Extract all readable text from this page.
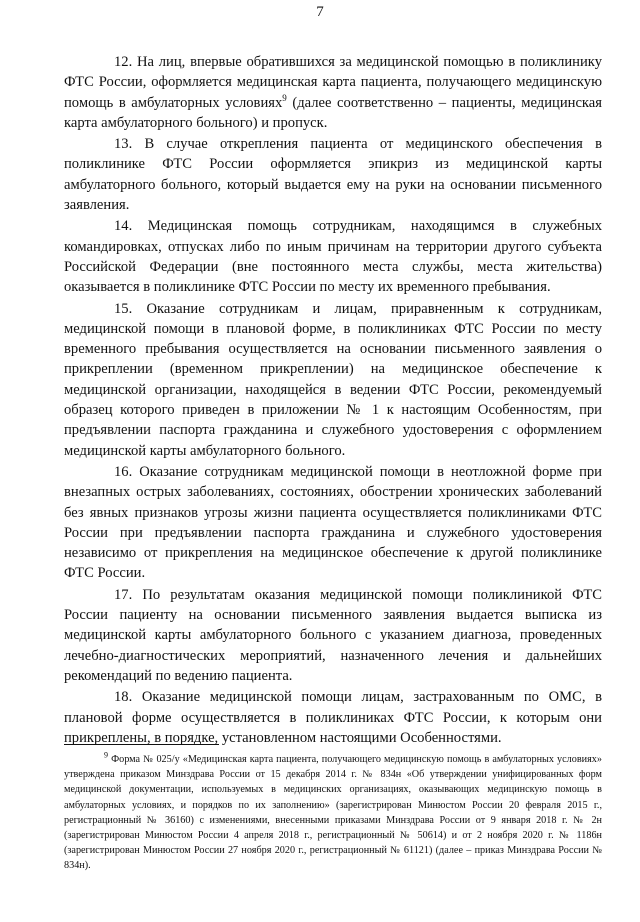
7

12. На лиц, впервые обратившихся за медицинской помощью в поликлинику ФТС России, оформляется медицинская карта пациента, получающего медицинскую помощь в амбулаторных условиях$^9$ (далее соответственно – пациенты, медицинская карта амбулаторного больного) и пропуск.

13. В случае открепления пациента от медицинского обеспечения в поликлинике ФТС России оформляется эпикриз из медицинской карты амбулаторного больного, который выдается ему на руки на основании письменного заявления.

14. Медицинская помощь сотрудникам, находящимся в служебных командировках, отпусках либо по иным причинам на территории другого субъекта Российской Федерации (вне постоянного места службы, места жительства) оказывается в поликлинике ФТС России по месту их временного пребывания.

15. Оказание сотрудникам и лицам, приравненным к сотрудникам, медицинской помощи в плановой форме, в поликлиниках ФТС России по месту временного пребывания осуществляется на основании письменного заявления о прикреплении (временном прикреплении) на медицинское обеспечение к медицинской организации, находящейся в ведении ФТС России, рекомендуемый образец которого приведен в приложении № 1 к настоящим Особенностям, при предъявлении паспорта гражданина и служебного удостоверения с оформлением медицинской карты амбулаторного больного.

16. Оказание сотрудникам медицинской помощи в неотложной форме при внезапных острых заболеваниях, состояниях, обострении хронических заболеваний без явных признаков угрозы жизни пациента осуществляется поликлиниками ФТС России при предъявлении паспорта гражданина и служебного удостоверения независимо от прикрепления на медицинское обеспечение к другой поликлинике ФТС России.

17. По результатам оказания медицинской помощи поликлиникой ФТС России пациенту на основании письменного заявления выдается выписка из медицинской карты амбулаторного больного с указанием диагноза, проведенных лечебно-диагностических мероприятий, назначенного лечения и дальнейших рекомендаций по ведению пациента.

18. Оказание медицинской помощи лицам, застрахованным по ОМС, в плановой форме осуществляется в поликлиниках ФТС России, к которым они прикреплены, в порядке, установленном настоящими Особенностями.

$^9$ Форма № 025/у «Медицинская карта пациента, получающего медицинскую помощь в амбулаторных условиях» утверждена приказом Минздрава России от 15 декабря 2014 г. № 834н «Об утверждении унифицированных форм медицинской документации, используемых в медицинских организациях, оказывающих медицинскую помощь в амбулаторных условиях, и порядков по их заполнению» (зарегистрирован Минюстом России 20 февраля 2015 г., регистрационный № 36160) с изменениями, внесенными приказами Минздрава России от 9 января 2018 г. № 2н (зарегистрирован Минюстом России 4 апреля 2018 г., регистрационный № 50614) и от 2 ноября 2020 г. № 1186н (зарегистрирован Минюстом России 27 ноября 2020 г., регистрационный № 61121) (далее – приказ Минздрава России № 834н).
